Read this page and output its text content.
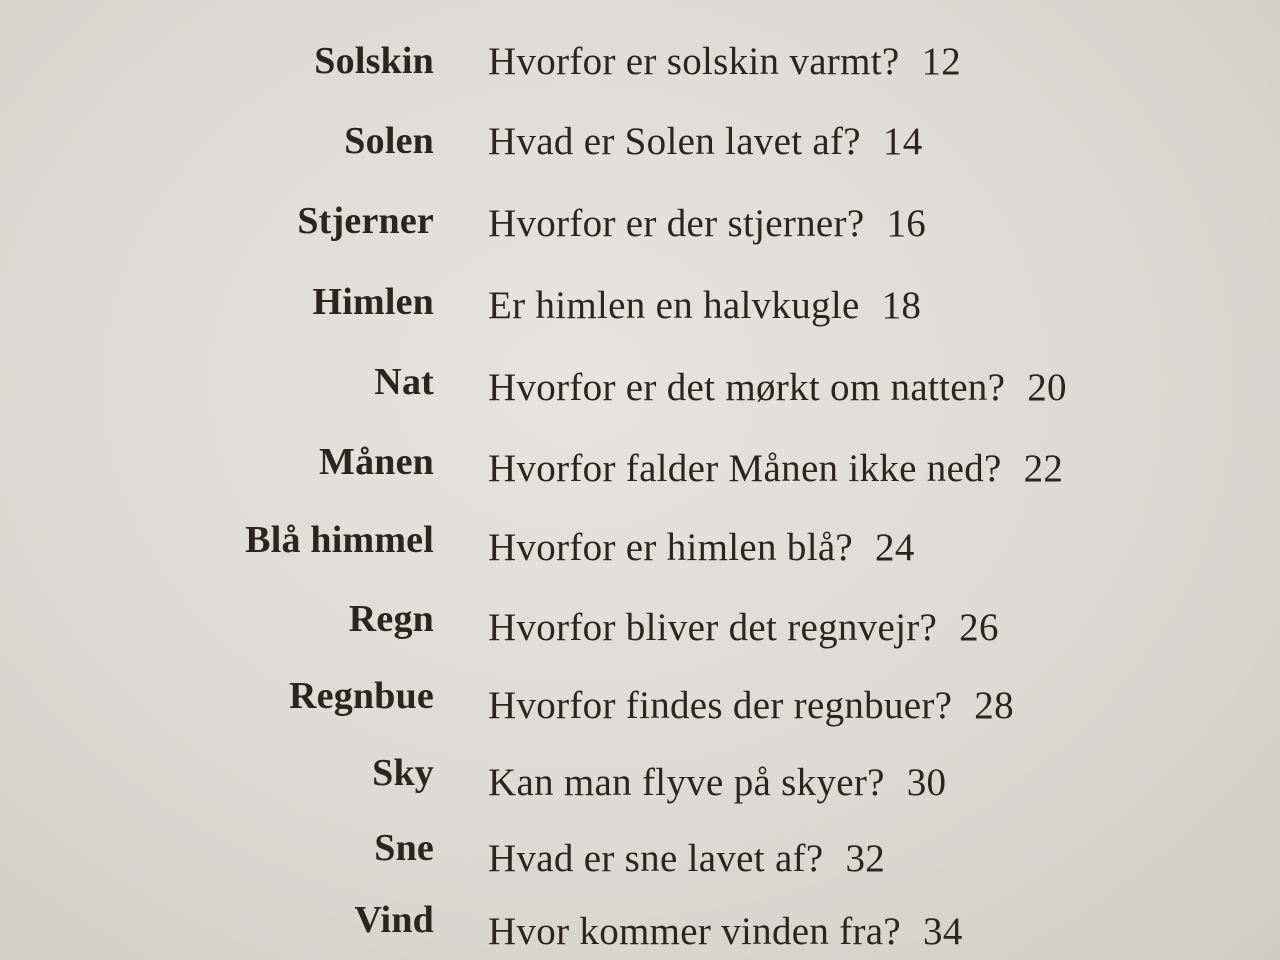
Solskin Hvorfor er solskin varmt? 12
Solen Hvad er Solen lavet af? 14
Stjerner Hvorfor er der stjerner? 16
Himlen Er himlen en halvkugle 18
Nat Hvorfor er det mørkt om natten? 20
Månen Hvorfor falder Månen ikke ned? 22
Blå himmel Hvorfor er himlen blå? 24
Regn Hvorfor bliver det regnvejr? 26
Regnbue Hvorfor findes der regnbuer? 28
Sky Kan man flyve på skyer? 30
Sne Hvad er sne lavet af? 32
Vind Hvor kommer vinden fra? 34
